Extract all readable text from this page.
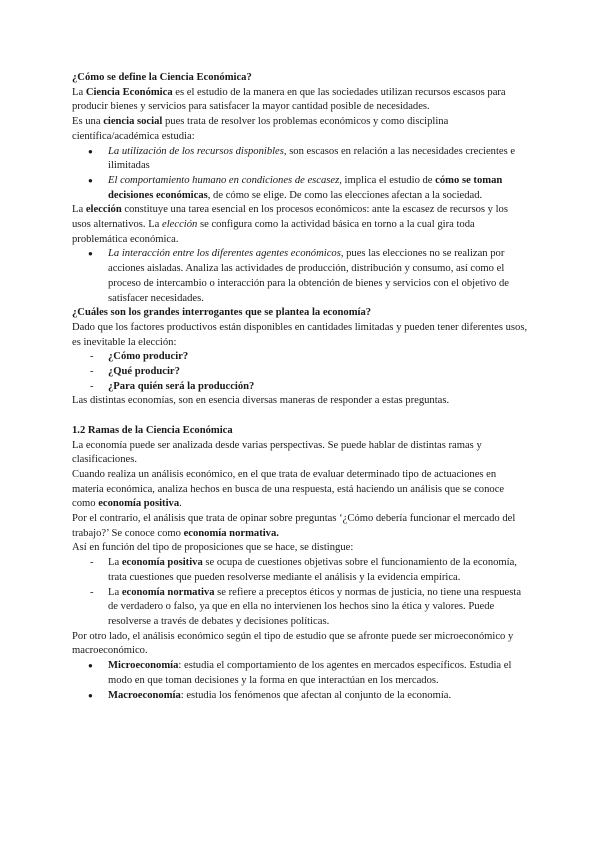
¿Cómo se define la Ciencia Económica?

La Ciencia Económica es el estudio de la manera en que las sociedades utilizan recursos escasos para producir bienes y servicios para satisfacer la mayor cantidad posible de necesidades.

Es una ciencia social pues trata de resolver los problemas económicos y como disciplina científica/académica estudia:

● La utilización de los recursos disponibles, son escasos en relación a las necesidades crecientes e ilimitadas
● El comportamiento humano en condiciones de escasez, implica el estudio de cómo se toman decisiones económicas, de cómo se elige. De como las elecciones afectan a la sociedad.

La elección constituye una tarea esencial en los procesos económicos: ante la escasez de recursos y los usos alternativos. La elección se configura como la actividad básica en torno a la cual gira toda problemática económica.

● La interacción entre los diferentes agentes económicos, pues las elecciones no se realizan por acciones aisladas. Analiza las actividades de producción, distribución y consumo, así como el proceso de intercambio o interacción para la obtención de bienes y servicios con el objetivo de satisfacer necesidades.

¿Cuáles son los grandes interrogantes que se plantea la economía?

Dado que los factores productivos están disponibles en cantidades limitadas y pueden tener diferentes usos, es inevitable la elección:

- ¿Cómo producir?
- ¿Qué producir?
- ¿Para quién será la producción?

Las distintas economías, son en esencia diversas maneras de responder a estas preguntas.

1.2 Ramas de la Ciencia Económica

La economía puede ser analizada desde varias perspectivas. Se puede hablar de distintas ramas y clasificaciones.

Cuando realiza un análisis económico, en el que trata de evaluar determinado tipo de actuaciones en materia económica, analiza hechos en busca de una respuesta, está haciendo un análisis que se conoce como economía positiva.

Por el contrario, el análisis que trata de opinar sobre preguntas ‘¿Cómo debería funcionar el mercado del trabajo?’ Se conoce como economía normativa.

Así en función del tipo de proposiciones que se hace, se distingue:

- La economía positiva se ocupa de cuestiones objetivas sobre el funcionamiento de la economía, trata cuestiones que pueden resolverse mediante el análisis y la evidencia empírica.
- La economía normativa se refiere a preceptos éticos y normas de justicia, no tiene una respuesta de verdadero o falso, ya que en ella no intervienen los hechos sino la ética y valores. Puede resolverse a través de debates y decisiones políticas.

Por otro lado, el análisis económico según el tipo de estudio que se afronte puede ser microeconómico y macroeconómico.

● Microeconomía: estudia el comportamiento de los agentes en mercados específicos. Estudia el modo en que toman decisiones y la forma en que interactúan en los mercados.
● Macroeconomía: estudia los fenómenos que afectan al conjunto de la economía.
